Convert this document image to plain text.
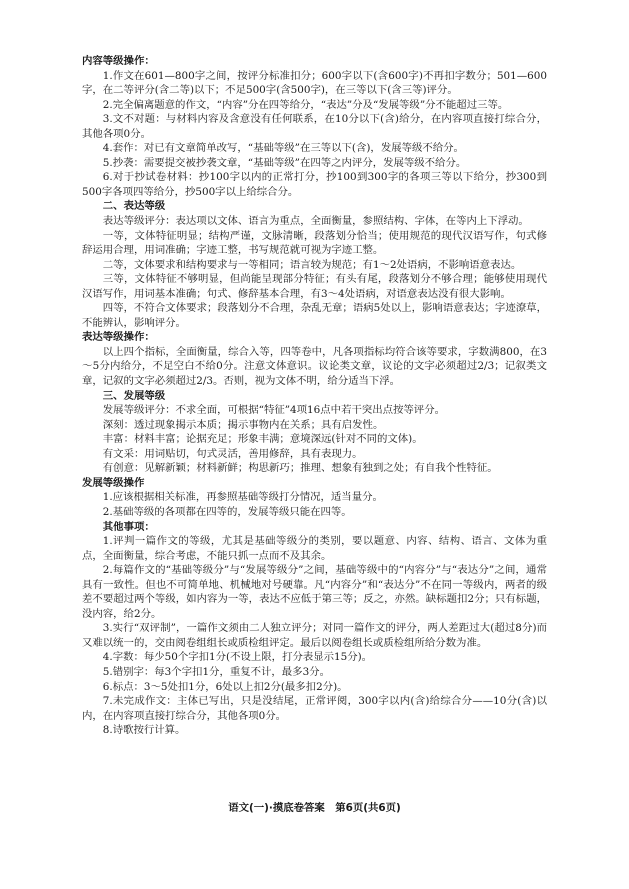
内容等级操作：

1.作文在601—800字之间，按评分标准扣分；600字以下(含600字)不再扣字数分；501—600字，在二等评分(含二等)以下；不足500字(含500字)，在三等以下(含三等)评分。

2.完全偏离题意的作文，“内容”分在四等给分，“表达”分及“发展等级”分不能超过三等。

3.文不对题：与材料内容及含意没有任何联系，在10分以下(含)给分，在内容项直接打综合分，其他各项0分。

4.套作：对已有文章简单改写，“基础等级”在三等以下(含)，发展等级不给分。

5.抄袭：需要提交被抄袭文章，“基础等级”在四等之内评分，发展等级不给分。

6.对于抄试卷材料：抄100字以内的正常打分，抄100到300字的各项三等以下给分，抄300到500字各项四等给分，抄500字以上给综合分。

二、表达等级

表达等级评分：表达项以文体、语言为重点，全面衡量，参照结构、字体，在等内上下浮动。

一等，文体特征明显；结构严谨，文脉清晰，段落划分恰当；使用规范的现代汉语写作，句式修辞运用合理，用词准确；字迹工整，书写规范就可视为字迹工整。

二等，文体要求和结构要求与一等相同；语言较为规范；有1～2处语病，不影响语意表达。

三等，文体特征不够明显，但尚能呈现部分特征；有头有尾，段落划分不够合理；能够使用现代汉语写作，用词基本准确；句式、修辞基本合理，有3～4处语病，对语意表达没有很大影响。

四等，不符合文体要求；段落划分不合理，杂乱无章；语病5处以上，影响语意表达；字迹潦草，不能辨认，影响评分。

表达等级操作：

以上四个指标，全面衡量，综合入等，四等卷中，凡各项指标均符合该等要求，字数满800，在3～5分内给分，不足空白不给0分。注意文体意识。议论类文章，议论的文字必须超过2/3；记叙类文章，记叙的文字必须超过2/3。否则，视为文体不明，给分适当下浮。

三、发展等级

发展等级评分：不求全面，可根据“特征”4项16点中若干突出点按等评分。

深刻：透过现象揭示本质；揭示事物内在关系；具有启发性。

丰富：材料丰富；论据充足；形象丰满；意境深远(针对不同的文体)。

有文采：用词贴切，句式灵活，善用修辞，具有表现力。

有创意：见解新颖；材料新鲜；构思新巧；推理、想象有独到之处；有自我个性特征。

发展等级操作

1.应该根据相关标准，再参照基础等级打分情况，适当量分。

2.基础等级的各项都在四等的，发展等级只能在四等。

其他事项：

1.评判一篇作文的等级，尤其是基础等级分的类别，要以题意、内容、结构、语言、文体为重点，全面衡量，综合考虑，不能只抓一点而不及其余。

2.每篇作文的“基础等级分”与“发展等级分”之间，基础等级中的“内容分”与“表达分”之间，通常具有一致性。但也不可简单地、机械地对号硬靠。凡“内容分”和“表达分”不在同一等级内，两者的级差不要超过两个等级，如内容为一等，表达不应低于第三等；反之，亦然。缺标题扣2分；只有标题，没内容，给2分。

3.实行“双评制”，一篇作文须由二人独立评分；对同一篇作文的评分，两人差距过大(超过8分)而又难以统一的，交由阅卷组组长或质检组评定。最后以阅卷组长或质检组所给分数为准。

4.字数：每少50个字扣1分(不设上限，打分表显示15分)。

5.错别字：每3个字扣1分，重复不计，最多3分。

6.标点：3～5处扣1分，6处以上扣2分(最多扣2分)。

7.未完成作文：主体已写出，只是没结尾，正常评阅，300字以内(含)给综合分——10分(含)以内，在内容项直接打综合分，其他各项0分。

8.诗歌按行计算。

语文(一)·摸底卷答案　第6页(共6页)
